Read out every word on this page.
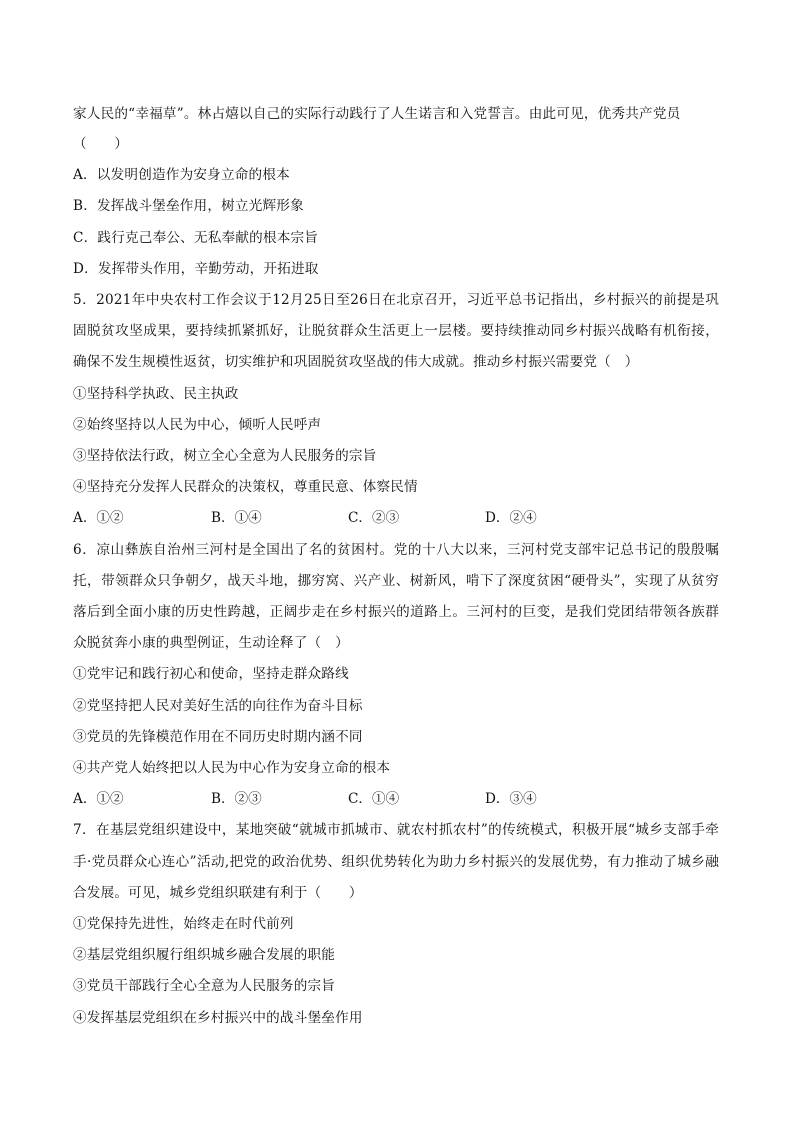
家人民的“幸福草”。林占熺以自己的实际行动践行了人生诺言和入党誓言。由此可见，优秀共产党员
（　　）
A．以发明创造作为安身立命的根本
B．发挥战斗堡垒作用，树立光辉形象
C．践行克己奉公、无私奉献的根本宗旨
D．发挥带头作用，辛勤劳动，开拓进取
5．2021年中央农村工作会议于12月25日至26日在北京召开，习近平总书记指出，乡村振兴的前提是巩
固脱贫攻坚成果，要持续抓紧抓好，让脱贫群众生活更上一层楼。要持续推动同乡村振兴战略有机衔接，
确保不发生规模性返贫，切实维护和巩固脱贫攻坚战的伟大成就。推动乡村振兴需要党（　）
①坚持科学执政、民主执政
②始终坚持以人民为中心，倾听人民呼声
③坚持依法行政，树立全心全意为人民服务的宗旨
④坚持充分发挥人民群众的决策权，尊重民意、体察民情
A．①②	B．①④	C．②③	D．②④
6．凉山彝族自治州三河村是全国出了名的贫困村。党的十八大以来，三河村党支部牢记总书记的殷殷嘱
托，带领群众只争朝夕，战天斗地，挪穷窝、兴产业、树新风，啃下了深度贫困“硬骨头”，实现了从贫穷
落后到全面小康的历史性跨越，正阔步走在乡村振兴的道路上。三河村的巨变，是我们党团结带领各族群
众脱贫奔小康的典型例证，生动诠释了（　）
①党牢记和践行初心和使命，坚持走群众路线
②党坚持把人民对美好生活的向往作为奋斗目标
③党员的先锋模范作用在不同历史时期内涵不同
④共产党人始终把以人民为中心作为安身立命的根本
A．①②	B．②③	C．①④	D．③④
7．在基层党组织建设中，某地突破“就城市抓城市、就农村抓农村”的传统模式，积极开展“城乡支部手牵
手·党员群众心连心”活动,把党的政治优势、组织优势转化为助力乡村振兴的发展优势，有力推动了城乡融
合发展。可见，城乡党组织联建有利于（　　）
①党保持先进性，始终走在时代前列
②基层党组织履行组织城乡融合发展的职能
③党员干部践行全心全意为人民服务的宗旨
④发挥基层党组织在乡村振兴中的战斗堡垒作用
